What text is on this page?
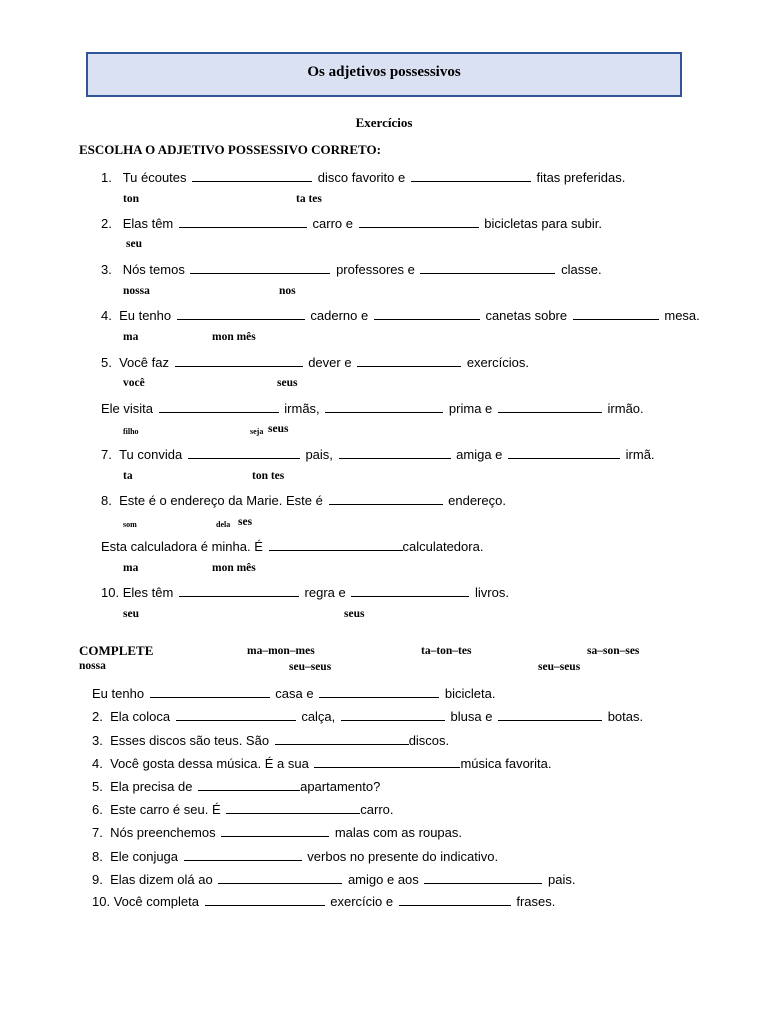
Os adjetivos possessivos
Exercícios
ESCOLHA O ADJETIVO POSSESSIVO CORRETO:
1. Tu écoutes	disco favorito e	fitas preferidas.
ton	ta tes
2. Elas têm	carro e	bicicletas para subir.
seu
3. Nós temos	professores e	classe.
nossa	nos
4. Eu tenho	caderno e	canetas sobre	mesa.
ma	mon mês
5. Você faz	dever e	exercícios.
você	seus
Ele visita	irmãs,	prima e	irmão.
filho	seja seus
7. Tu convida	pais,	amiga e	irmã.
ta	ton tes
8. Este é o endereço da Marie. Este é	endereço.
som	dela ses
Esta calculadora é minha. É	calculatedora.
ma	mon mês
10. Eles têm	regra e	livros.
seu	seus
COMPLETE	ma–mon–mes	ta–ton–tes	sa–son–ses
nossa	seu–seus	seu–seus
Eu tenho	casa e	bicicleta.
2. Ela coloca	calça,	blusa e	botas.
3. Esses discos são teus. São	discos.
4. Você gosta dessa música. É a sua	música favorita.
5. Ela precisa de	apartamento?
6. Este carro é seu. É	carro.
7. Nós preenchemos	malas com as roupas.
8. Ele conjuga	verbos no presente do indicativo.
9. Elas dizem olá ao	amigo e aos	pais.
10. Você completa	exercício e	frases.
